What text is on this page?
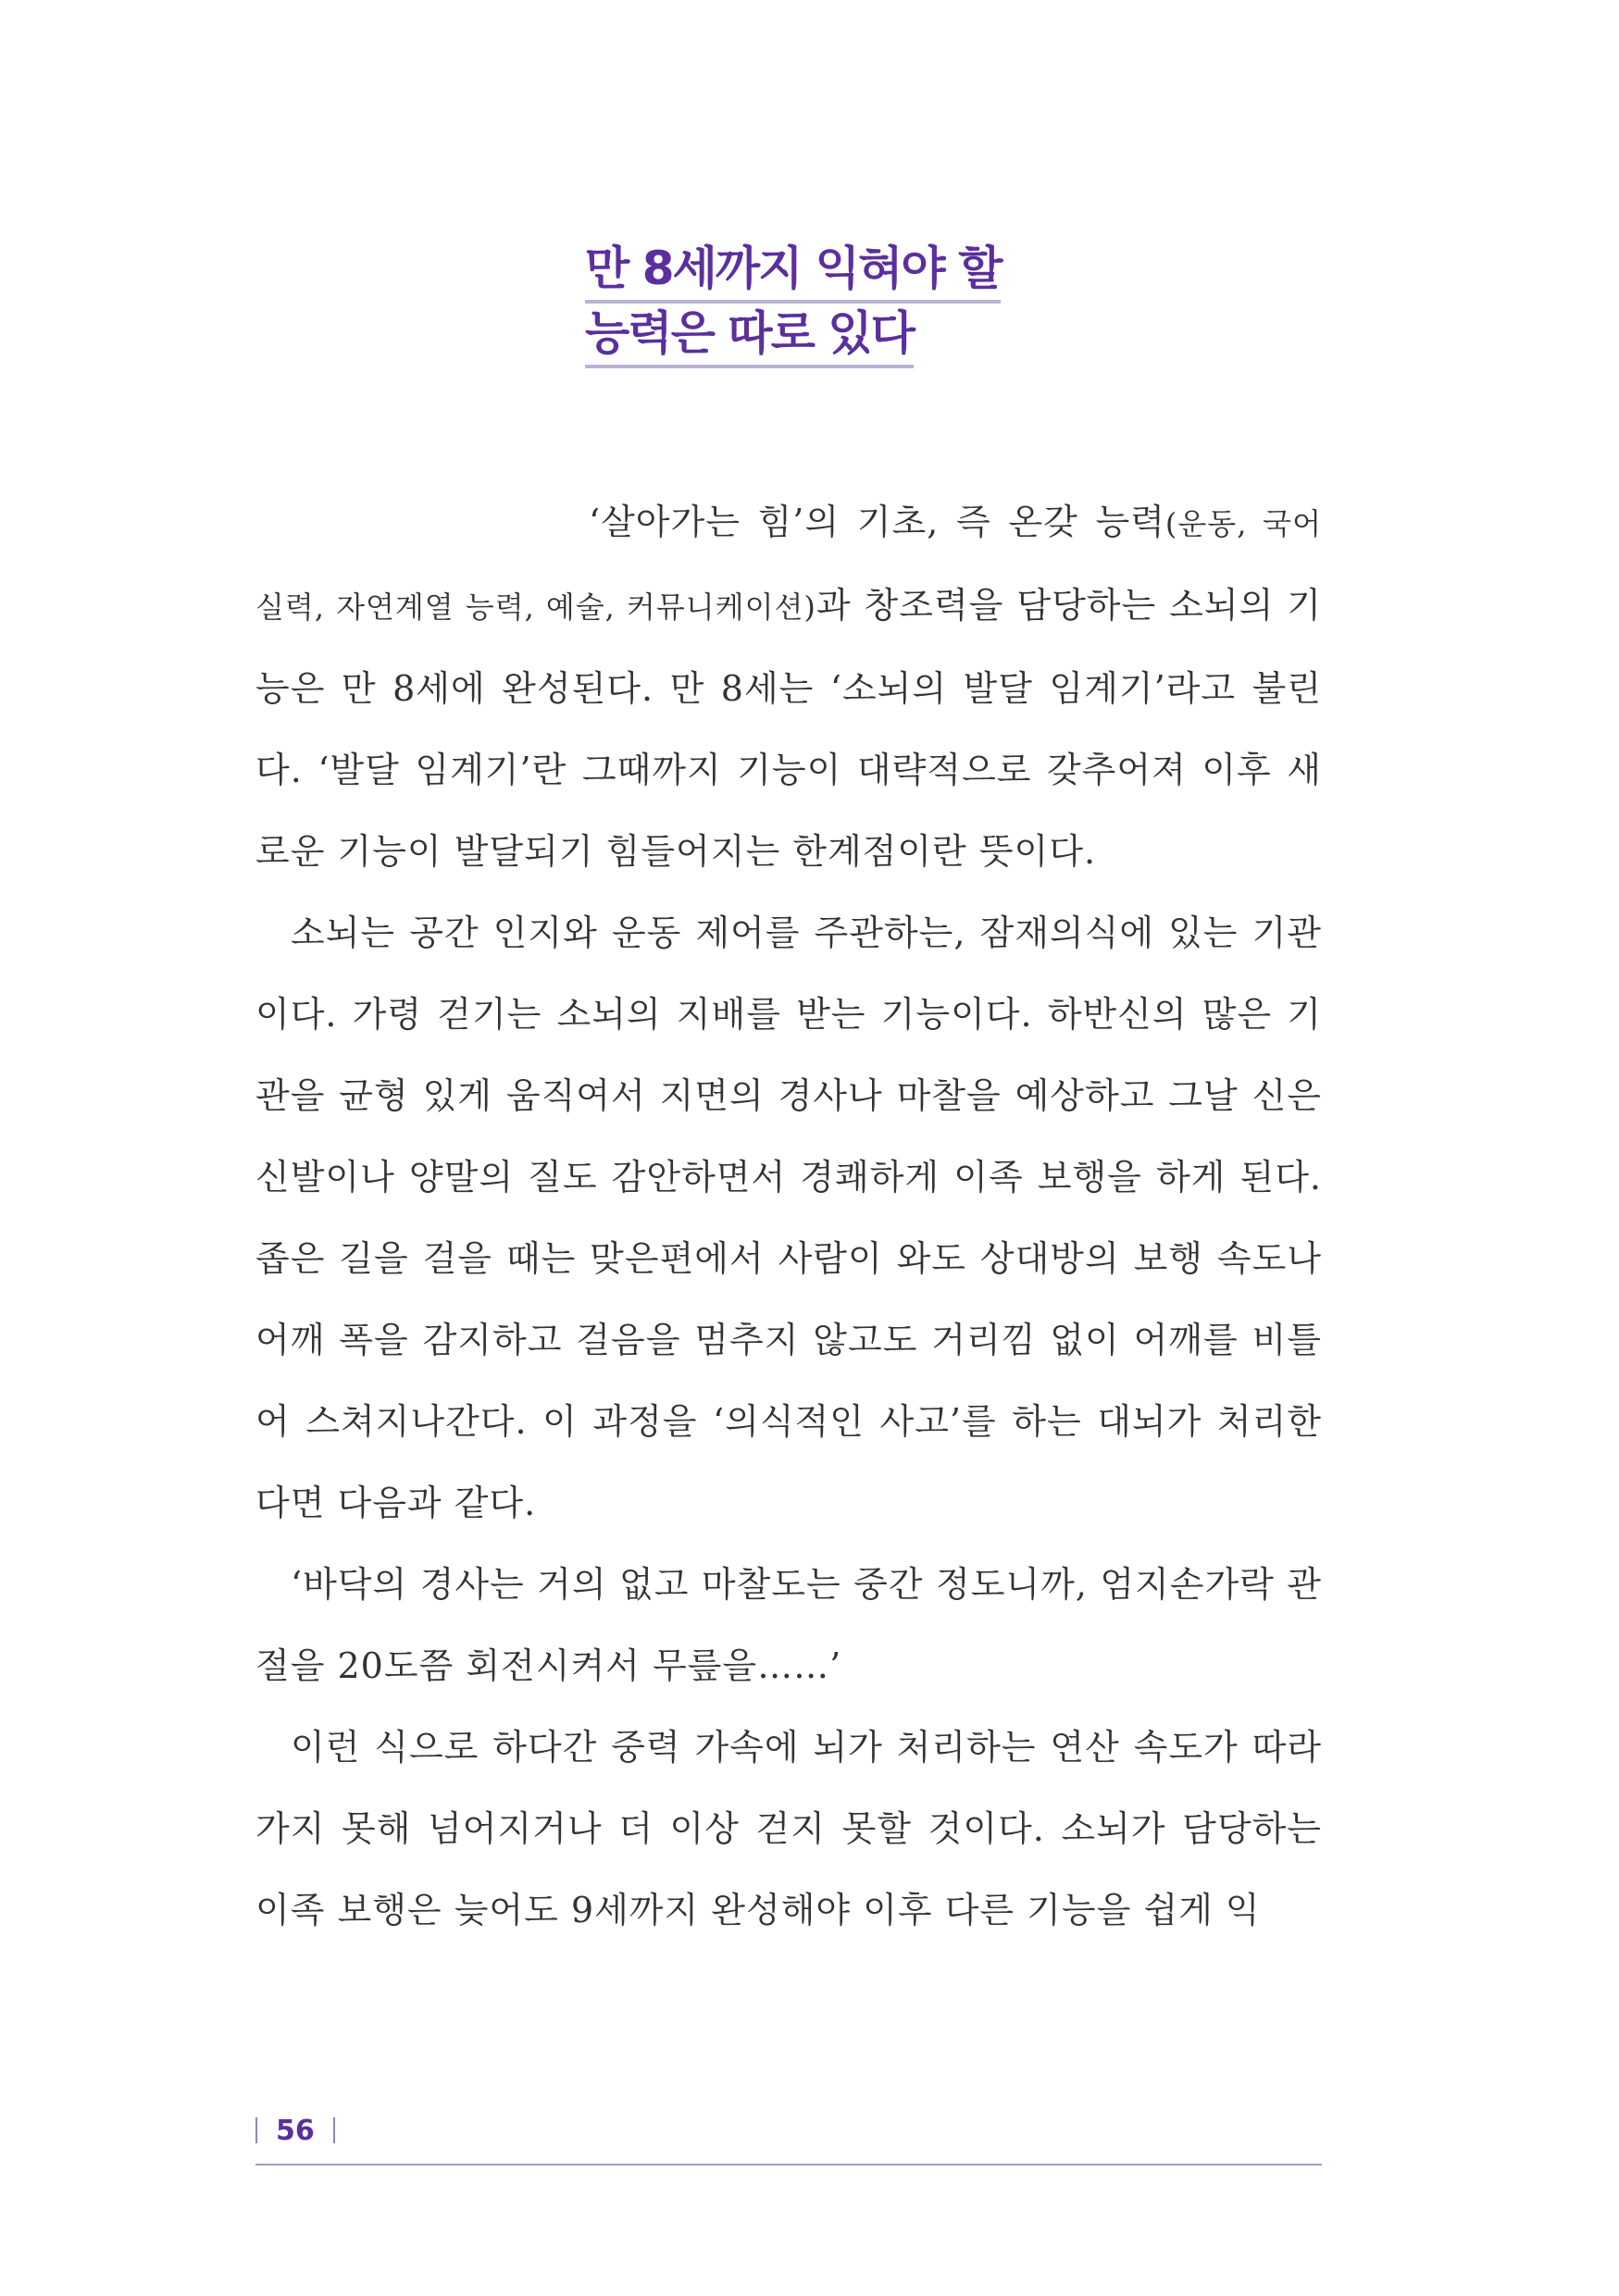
만 8세까지 익혀야 할
능력은 따로 있다

‘살아가는 힘’의 기초, 즉 온갖 능력(운동, 국어 실력, 자연계열 능력, 예술, 커뮤니케이션)과 창조력을 담당하는 소뇌의 기능은 만 8세에 완성된다. 만 8세는 ‘소뇌의 발달 임계기’라고 불린다. ‘발달 임계기’란 그때까지 기능이 대략적으로 갖추어져 이후 새로운 기능이 발달되기 힘들어지는 한계점이란 뜻이다.

소뇌는 공간 인지와 운동 제어를 주관하는, 잠재의식에 있는 기관이다. 가령 걷기는 소뇌의 지배를 받는 기능이다. 하반신의 많은 기관을 균형 있게 움직여서 지면의 경사나 마찰을 예상하고 그날 신은 신발이나 양말의 질도 감안하면서 경쾌하게 이족 보행을 하게 된다. 좁은 길을 걸을 때는 맞은편에서 사람이 와도 상대방의 보행 속도나 어깨 폭을 감지하고 걸음을 멈추지 않고도 거리낌 없이 어깨를 비틀어 스쳐지나간다. 이 과정을 ‘의식적인 사고’를 하는 대뇌가 처리한다면 다음과 같다.

‘바닥의 경사는 거의 없고 마찰도는 중간 정도니까, 엄지손가락 관절을 20도쯤 회전시켜서 무릎을……’

이런 식으로 하다간 중력 가속에 뇌가 처리하는 연산 속도가 따라가지 못해 넘어지거나 더 이상 걷지 못할 것이다. 소뇌가 담당하는 이족 보행은 늦어도 9세까지 완성해야 이후 다른 기능을 쉽게 익

56
